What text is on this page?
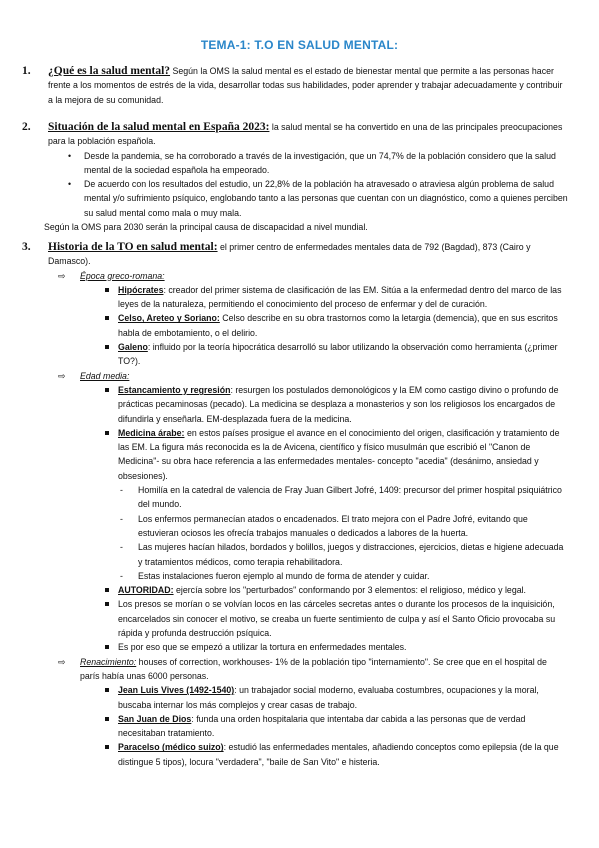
TEMA-1: T.O EN SALUD MENTAL:
1. ¿Qué es la salud mental? Según la OMS la salud mental es el estado de bienestar mental que permite a las personas hacer frente a los momentos de estrés de la vida, desarrollar todas sus habilidades, poder aprender y trabajar adecuadamente y contribuir a la mejora de su comunidad.
2. Situación de la salud mental en España 2023: la salud mental se ha convertido en una de las principales preocupaciones para la población española.
• Desde la pandemia, se ha corroborado a través de la investigación, que un 74,7% de la población considero que la salud mental de la sociedad española ha empeorado.
• De acuerdo con los resultados del estudio, un 22,8% de la población ha atravesado o atraviesa algún problema de salud mental y/o sufrimiento psíquico, englobando tanto a las personas que cuentan con un diagnóstico, como a quienes perciben su salud mental como mala o muy mala.
Según la OMS para 2030 serán la principal causa de discapacidad a nivel mundial.
3. Historia de la TO en salud mental: el primer centro de enfermedades mentales data de 792 (Bagdad), 873 (Cairo y Damasco).
⇨ Época greco-romana:
Hipócrates: creador del primer sistema de clasificación de las EM. Sitúa a la enfermedad dentro del marco de las leyes de la naturaleza, permitiendo el conocimiento del proceso de enfermar y del de curación.
Celso, Areteo y Soriano: Celso describe en su obra trastornos como la letargia (demencia), que en sus escritos habla de embotamiento, o el delirio.
Galeno: influido por la teoría hipocrática desarrolló su labor utilizando la observación como herramienta (¿primer TO?).
⇨ Edad media:
Estancamiento y regresión: resurgen los postulados demonológicos y la EM como castigo divino o profundo de prácticas pecaminosas (pecado). La medicina se desplaza a monasterios y son los religiosos los encargados de difundirla y enseñarla. EM-desplazada fuera de la medicina.
Medicina árabe: en estos países prosigue el avance en el conocimiento del origen, clasificación y tratamiento de las EM. La figura más reconocida es la de Avicena, científico y físico musulmán que escribió el "Canon de Medicina"- su obra hace referencia a las enfermedades mentales- concepto "acedia" (desánimo, ansiedad y obsesiones).
- Homilía en la catedral de valencia de Fray Juan Gilbert Jofré, 1409: precursor del primer hospital psiquiátrico del mundo.
- Los enfermos permanecían atados o encadenados. El trato mejora con el Padre Jofré, evitando que estuvieran ociosos les ofrecía trabajos manuales o dedicados a labores de la huerta.
- Las mujeres hacían hilados, bordados y bolillos, juegos y distracciones, ejercicios, dietas e higiene adecuada y tratamientos médicos, como terapia rehabilitadora.
- Estas instalaciones fueron ejemplo al mundo de forma de atender y cuidar.
AUTORIDAD: ejercía sobre los "perturbados" conformando por 3 elementos: el religioso, médico y legal.
Los presos se morían o se volvían locos en las cárceles secretas antes o durante los procesos de la inquisición, encarcelados sin conocer el motivo, se creaba un fuerte sentimiento de culpa y así el Santo Oficio provocaba su rápida y profunda destrucción psíquica.
Es por eso que se empezó a utilizar la tortura en enfermedades mentales.
⇨ Renacimiento: houses of correction, workhouses- 1% de la población tipo "internamiento". Se cree que en el hospital de parís había unas 6000 personas.
Jean Luis Vives (1492-1540): un trabajador social moderno, evaluaba costumbres, ocupaciones y la moral, buscaba internar los más complejos y crear casas de trabajo.
San Juan de Dios: funda una orden hospitalaria que intentaba dar cabida a las personas que de verdad necesitaban tratamiento.
Paracelso (médico suizo): estudió las enfermedades mentales, añadiendo conceptos como epilepsia (de la que distingue 5 tipos), locura "verdadera", "baile de San Vito" e histeria.
